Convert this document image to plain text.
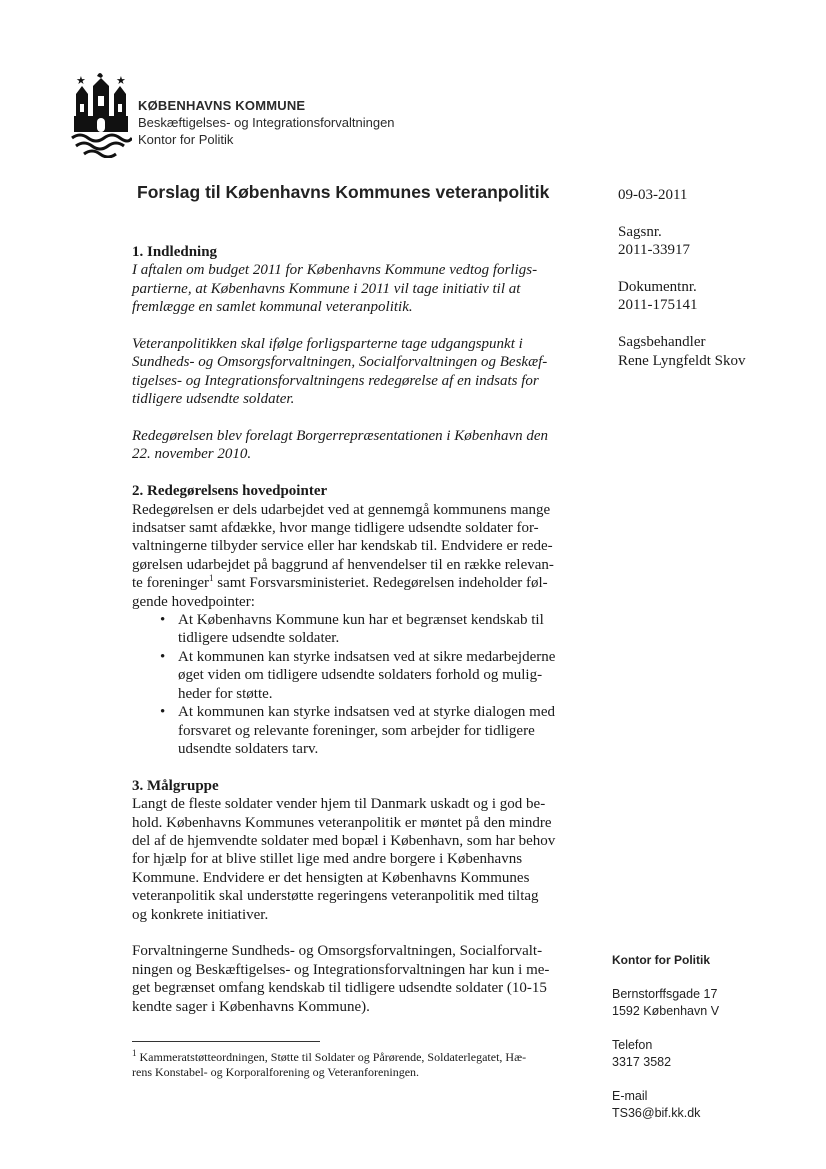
★	★
KØBENHAVNS KOMMUNE
Beskæftigelses- og Integrationsforvaltningen
Kontor for Politik
Forslag til Københavns Kommunes veteranpolitik	09-03-2011
Sagsnr.
2011-33917
Dokumentnr.
2011-175141
Sagsbehandler
Rene Lyngfeldt Skov
1. Indledning

I aftalen om budget 2011 for Københavns Kommune vedtog forligs-
partierne, at Københavns Kommune i 2011 vil tage initiativ til at
fremlægge en samlet kommunal veteranpolitik.

Veteranpolitikken skal ifølge forligsparterne tage udgangspunkt i
Sundheds- og Omsorgsforvaltningen, Socialforvaltningen og Beskæf-
tigelses- og Integrationsforvaltningens redegørelse af en indsats for
tidligere udsendte soldater.

Redegørelsen blev forelagt Borgerrepræsentationen i København den
22. november 2010.

2. Redegørelsens hovedpointer

Redegørelsen er dels udarbejdet ved at gennemgå kommunens mange
indsatser samt afdække, hvor mange tidligere udsendte soldater for-
valtningerne tilbyder service eller har kendskab til. Endvidere er rede-
gørelsen udarbejdet på baggrund af henvendelser til en række relevan-
te foreninger$^1$ samt Forsvarsministeriet. Redegørelsen indeholder føl-
gende hovedpointer:

• At Københavns Kommune kun har et begrænset kendskab til
tidligere udsendte soldater.
• At kommunen kan styrke indsatsen ved at sikre medarbejderne
øget viden om tidligere udsendte soldaters forhold og mulig-
heder for støtte.
• At kommunen kan styrke indsatsen ved at styrke dialogen med
forsvaret og relevante foreninger, som arbejder for tidligere
udsendte soldaters tarv.
3. Målgruppe

Langt de fleste soldater vender hjem til Danmark uskadt og i god be-
hold. Københavns Kommunes veteranpolitik er møntet på den mindre
del af de hjemvendte soldater med bopæl i København, som har behov
for hjælp for at blive stillet lige med andre borgere i Københavns
Kommune. Endvidere er det hensigten at Københavns Kommunes
veteranpolitik skal understøtte regeringens veteranpolitik med tiltag
og konkrete initiativer.

Forvaltningerne Sundheds- og Omsorgsforvaltningen, Socialforvalt-
ningen og Beskæftigelses- og Integrationsforvaltningen har kun i me-
get begrænset omfang kendskab til tidligere udsendte soldater (10-15
kendte sager i Københavns Kommune).

$^1$ Kammeratstøtteordningen, Støtte til Soldater og Pårørende, Soldaterlegatet, Hæ-
rens Konstabel- og Korporalforening og Veteranforeningen.
Kontor for Politik
Bernstorffsgade 17
1592 København V
Telefon
3317 3582
E-mail
TS36@bif.kk.dk
